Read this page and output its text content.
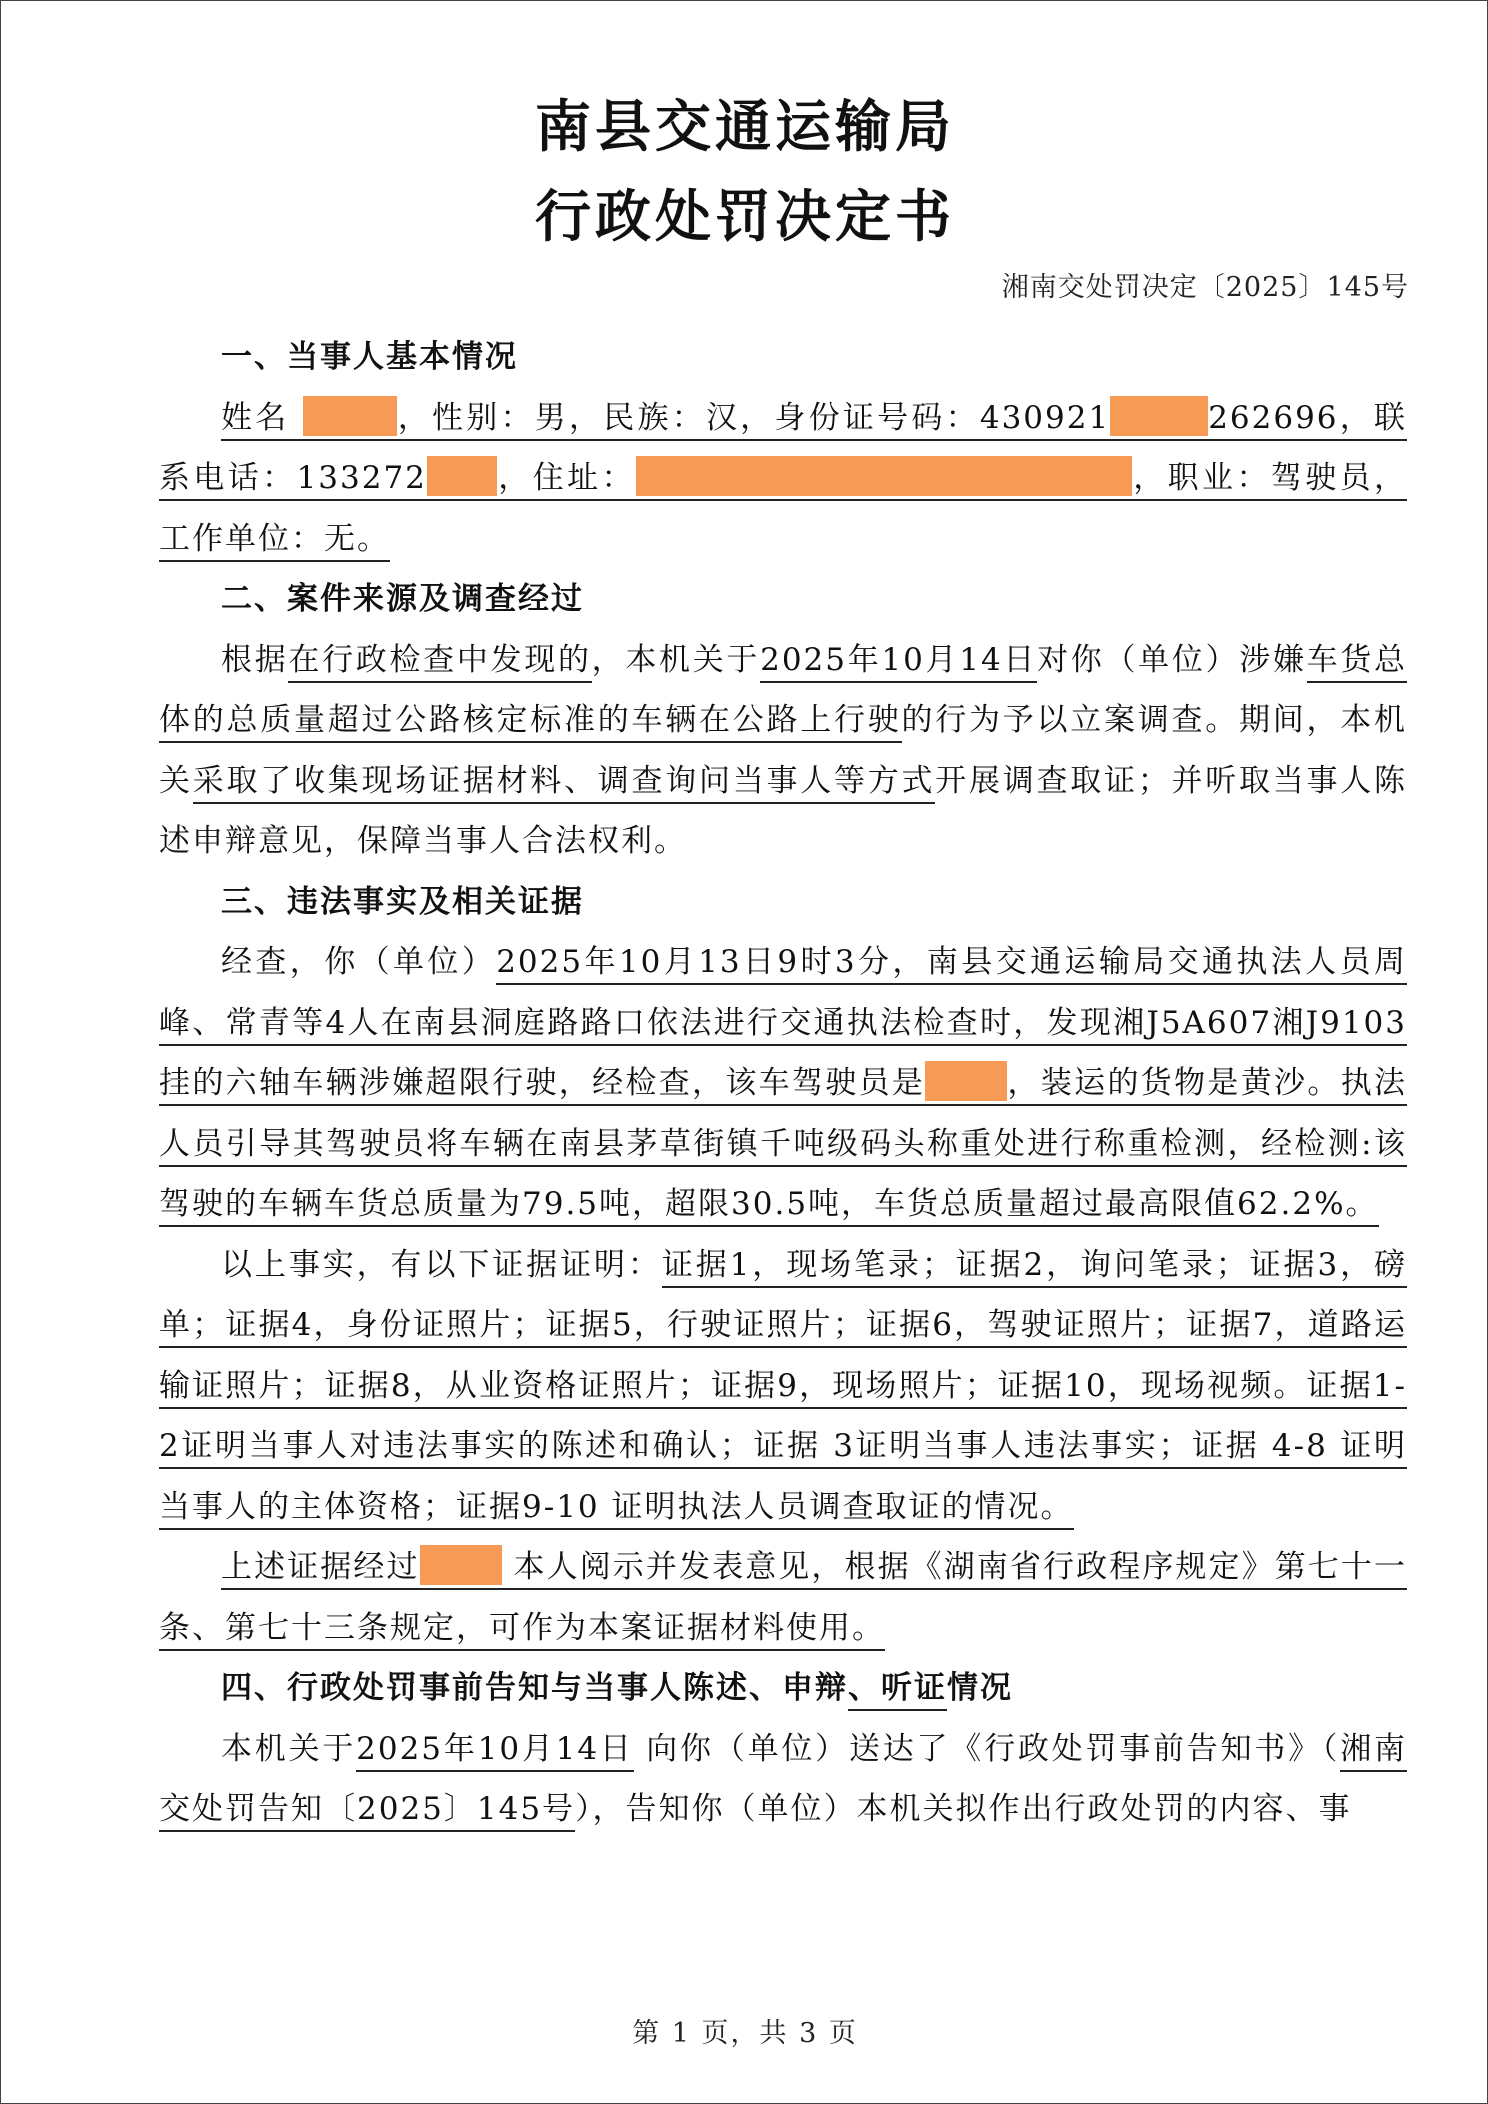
南县交通运输局
行政处罚决定书
湘南交处罚决定〔2025〕145号

一、当事人基本情况

姓名	，性别：男，民族：汉，身份证号码：430921	262696，联系电话：133272 ，住址：	，职业：驾驶员，工作单位：无。

二、案件来源及调查经过

根据在行政检查中发现的，本机关于2025年10月14日对你（单位）涉嫌车货总体的总质量超过公路核定标准的车辆在公路上行驶的行为予以立案调查。期间，本机关采取了收集现场证据材料、调查询问当事人等方式开展调查取证；并听取当事人陈述申辩意见，保障当事人合法权利。

三、违法事实及相关证据

经查，你（单位）2025年10月13日9时3分，南县交通运输局交通执法人员周峰、常青等4人在南县洞庭路路口依法进行交通执法检查时，发现湘J5A607湘J9103挂的六轴车辆涉嫌超限行驶，经检查，该车驾驶员是	，装运的货物是黄沙。执法人员引导其驾驶员将车辆在南县茅草街镇千吨级码头称重处进行称重检测，经检测:该驾驶的车辆车货总质量为79.5吨，超限30.5吨，车货总质量超过最高限值62.2%。

以上事实，有以下证据证明：证据1，现场笔录；证据2，询问笔录；证据3，磅单；证据4，身份证照片；证据5，行驶证照片；证据6，驾驶证照片；证据7，道路运输证照片；证据8，从业资格证照片；证据9，现场照片；证据10，现场视频。证据1-2证明当事人对违法事实的陈述和确认；证据 3证明当事人违法事实；证据 4-8 证明当事人的主体资格；证据9-10 证明执法人员调查取证的情况。

上述证据经过	本人阅示并发表意见，根据《湖南省行政程序规定》第七十一条、第七十三条规定，可作为本案证据材料使用。

四、行政处罚事前告知与当事人陈述、申辩、听证情况

本机关于2025年10月14日 向你（单位）送达了《行政处罚事前告知书》（湘南交处罚告知〔2025〕145号），告知你（单位）本机关拟作出行政处罚的内容、事

第 1 页，共 3 页
